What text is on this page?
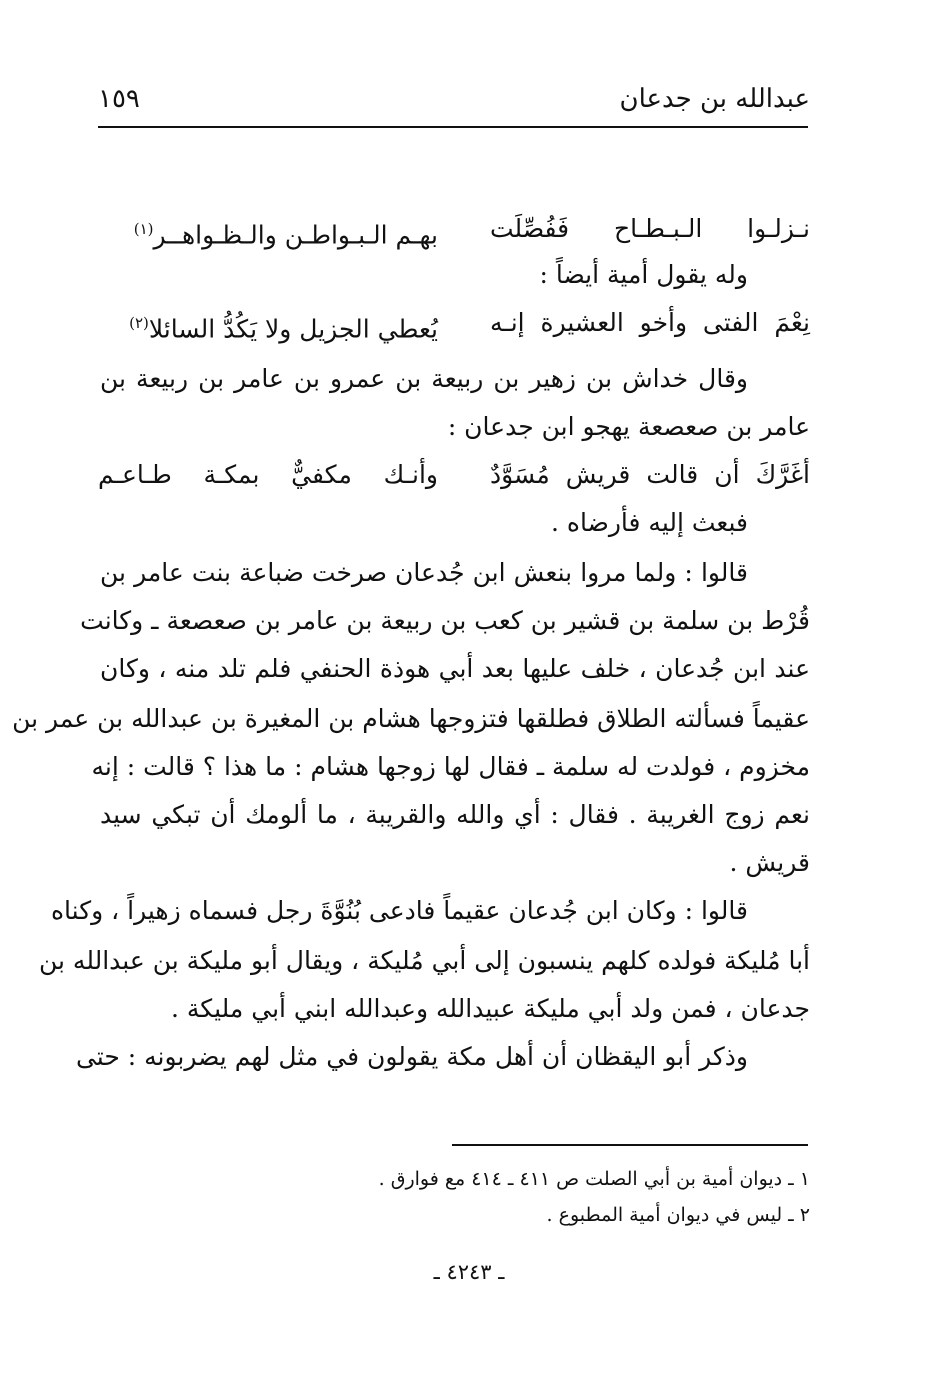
عبدالله بن جدعان
١٥٩
نـزلـوا الـبـطـاح فَفُصِّلَت
بهـم الـبـواطـن والـظـواهــر$^{(١)}$
وله يقول أمية أيضاً :
نِعْمَ الفتى وأخو العشيرة إنـه
يُعطي الجزيل ولا يَكُدُّ السائلا$^{(٢)}$
وقال خداش بن زهير بن ربيعة بن عمرو بن عامر بن ربيعة بن
عامر بن صعصعة يهجو ابن جدعان :
أغَرَّكَ أن قالت قريش مُسَوَّدٌ
وأنـك مكفيٌّ بمكـة طـاعـم
فبعث إليه فأرضاه .
قالوا : ولما مروا بنعش ابن جُدعان صرخت ضباعة بنت عامر بن
قُرْط بن سلمة بن قشير بن كعب بن ربيعة بن عامر بن صعصعة ـ وكانت
عند ابن جُدعان ، خلف عليها بعد أبي هوذة الحنفي فلم تلد منه ، وكان
عقيماً فسألته الطلاق فطلقها فتزوجها هشام بن المغيرة بن عبدالله بن عمر بن
مخزوم ، فولدت له سلمة ـ فقال لها زوجها هشام : ما هذا ؟ قالت : إنه
نعم زوج الغريبة . فقال : أي والله والقريبة ، ما ألومك أن تبكي سيد
قريش .
قالوا : وكان ابن جُدعان عقيماً فادعى بُنُوَّةَ رجل فسماه زهيراً ، وكناه
أبا مُليكة فولده كلهم ينسبون إلى أبي مُليكة ، ويقال أبو مليكة بن عبدالله بن
جدعان ، فمن ولد أبي مليكة عبيدالله وعبدالله ابني أبي مليكة .
وذكر أبو اليقظان أن أهل مكة يقولون في مثل لهم يضربونه : حتى
١ ـ ديوان أمية بن أبي الصلت ص ٤١١ ـ ٤١٤ مع فوارق .
٢ ـ ليس في ديوان أمية المطبوع .
ـ ٤٢٤٣ ـ
